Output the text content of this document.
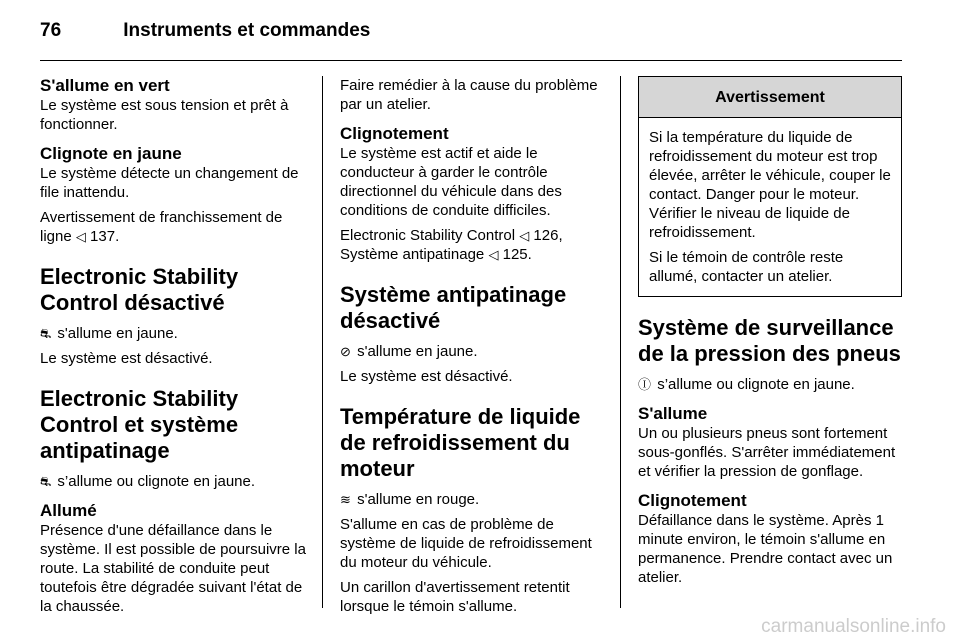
76	Instruments et commandes
S'allume en vert

Le système est sous tension et prêt à fonctionner.

Clignote en jaune

Le système détecte un changement de file inattendu.

Avertissement de franchissement de ligne ◁ 137.

Electronic Stability Control désactivé

⛐ s'allume en jaune.

Le système est désactivé.

Electronic Stability Control et système antipatinage

⛐ s’allume ou clignote en jaune.

Allumé

Présence d'une défaillance dans le système. Il est possible de poursuivre la route. La stabilité de conduite peut toutefois être dégradée suivant l'état de la chaussée.

Faire remédier à la cause du problème par un atelier.

Clignotement

Le système est actif et aide le conducteur à garder le contrôle directionnel du véhicule dans des conditions de conduite difficiles.

Electronic Stability Control ◁ 126,
Système antipatinage ◁ 125.

Système antipatinage désactivé

⊘ s'allume en jaune.

Le système est désactivé.

Température de liquide de refroidissement du moteur

≋ s'allume en rouge.

S'allume en cas de problème de système de liquide de refroidissement du moteur du véhicule.

Un carillon d'avertissement retentit lorsque le témoin s'allume.

Avertissement

Si la température du liquide de refroidissement du moteur est trop élevée, arrêter le véhicule, couper le contact. Danger pour le moteur. Vérifier le niveau de liquide de refroidissement.

Si le témoin de contrôle reste allumé, contacter un atelier.

Système de surveillance de la pression des pneus

Ⓘ s’allume ou clignote en jaune.

S'allume

Un ou plusieurs pneus sont fortement sous-gonflés. S'arrêter immédiatement et vérifier la pression de gonflage.

Clignotement

Défaillance dans le système. Après 1 minute environ, le témoin s'allume en permanence. Prendre contact avec un atelier.

carmanualsonline.info
